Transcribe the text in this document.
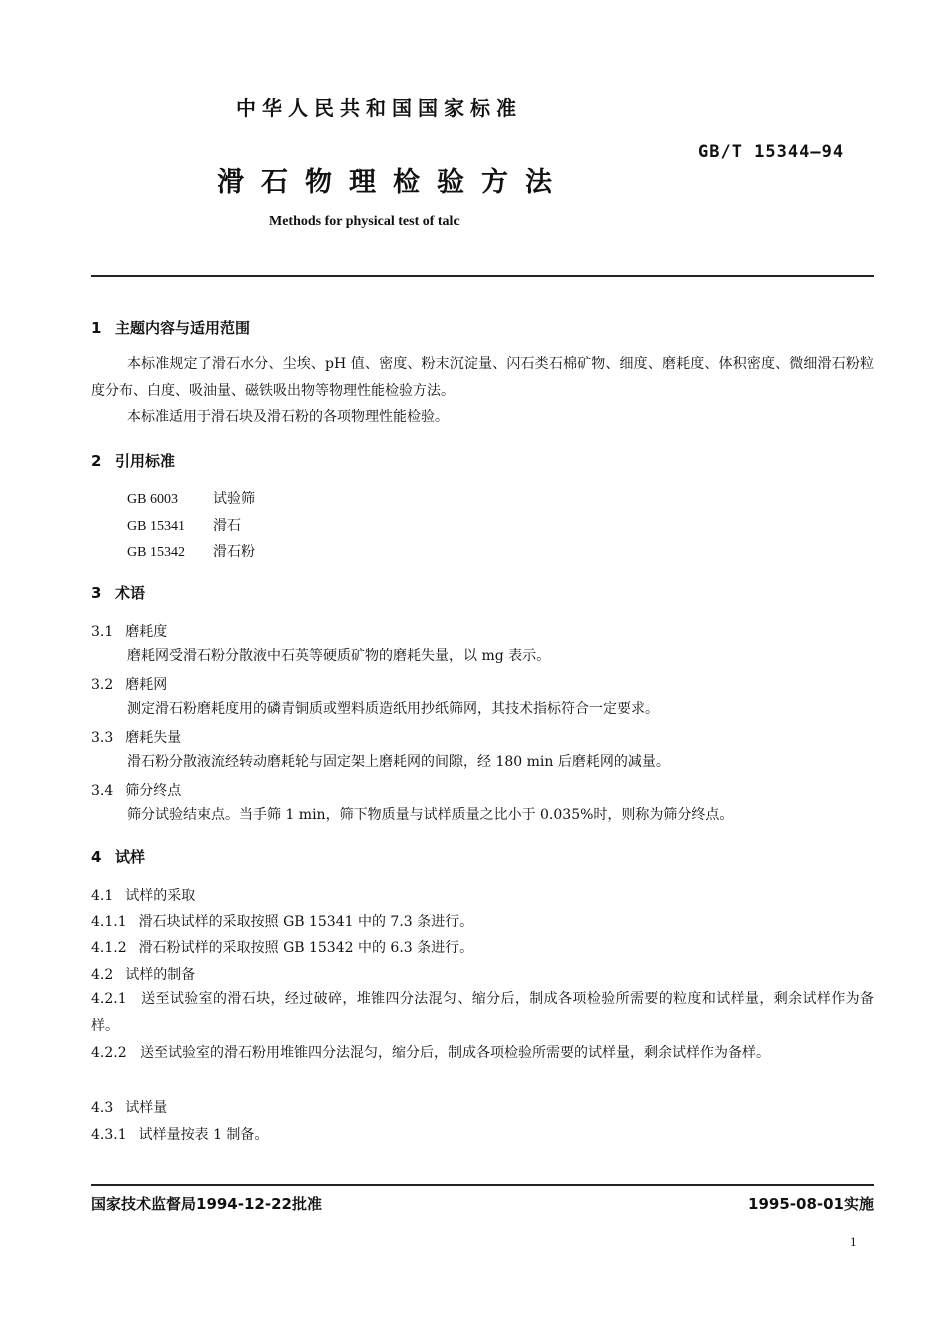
中华人民共和国国家标准
GB/T 15344—94
滑石物理检验方法
Methods for physical test of talc
1 主题内容与适用范围
本标准规定了滑石水分、尘埃、pH 值、密度、粉末沉淀量、闪石类石棉矿物、细度、磨耗度、体积密度、微细滑石粉粒度分布、白度、吸油量、磁铁吸出物等物理性能检验方法。
本标准适用于滑石块及滑石粉的各项物理性能检验。
2 引用标准
GB 6003	试验筛
GB 15341 滑石
GB 15342 滑石粉
3 术语
3.1 磨耗度
磨耗网受滑石粉分散液中石英等硬质矿物的磨耗失量，以 mg 表示。
3.2 磨耗网
测定滑石粉磨耗度用的磷青铜质或塑料质造纸用抄纸筛网，其技术指标符合一定要求。
3.3 磨耗失量
滑石粉分散液流经转动磨耗轮与固定架上磨耗网的间隙，经 180 min 后磨耗网的减量。
3.4 筛分终点
筛分试验结束点。当手筛 1 min，筛下物质量与试样质量之比小于 0.035%时，则称为筛分终点。
4 试样
4.1 试样的采取
4.1.1 滑石块试样的采取按照 GB 15341 中的 7.3 条进行。
4.1.2 滑石粉试样的采取按照 GB 15342 中的 6.3 条进行。
4.2 试样的制备
4.2.1 送至试验室的滑石块，经过破碎，堆锥四分法混匀、缩分后，制成各项检验所需要的粒度和试样量，剩余试样作为备样。
4.2.2 送至试验室的滑石粉用堆锥四分法混匀，缩分后，制成各项检验所需要的试样量，剩余试样作为备样。
4.3 试样量
4.3.1 试样量按表 1 制备。
国家技术监督局1994-12-22批准	1995-08-01实施
1
